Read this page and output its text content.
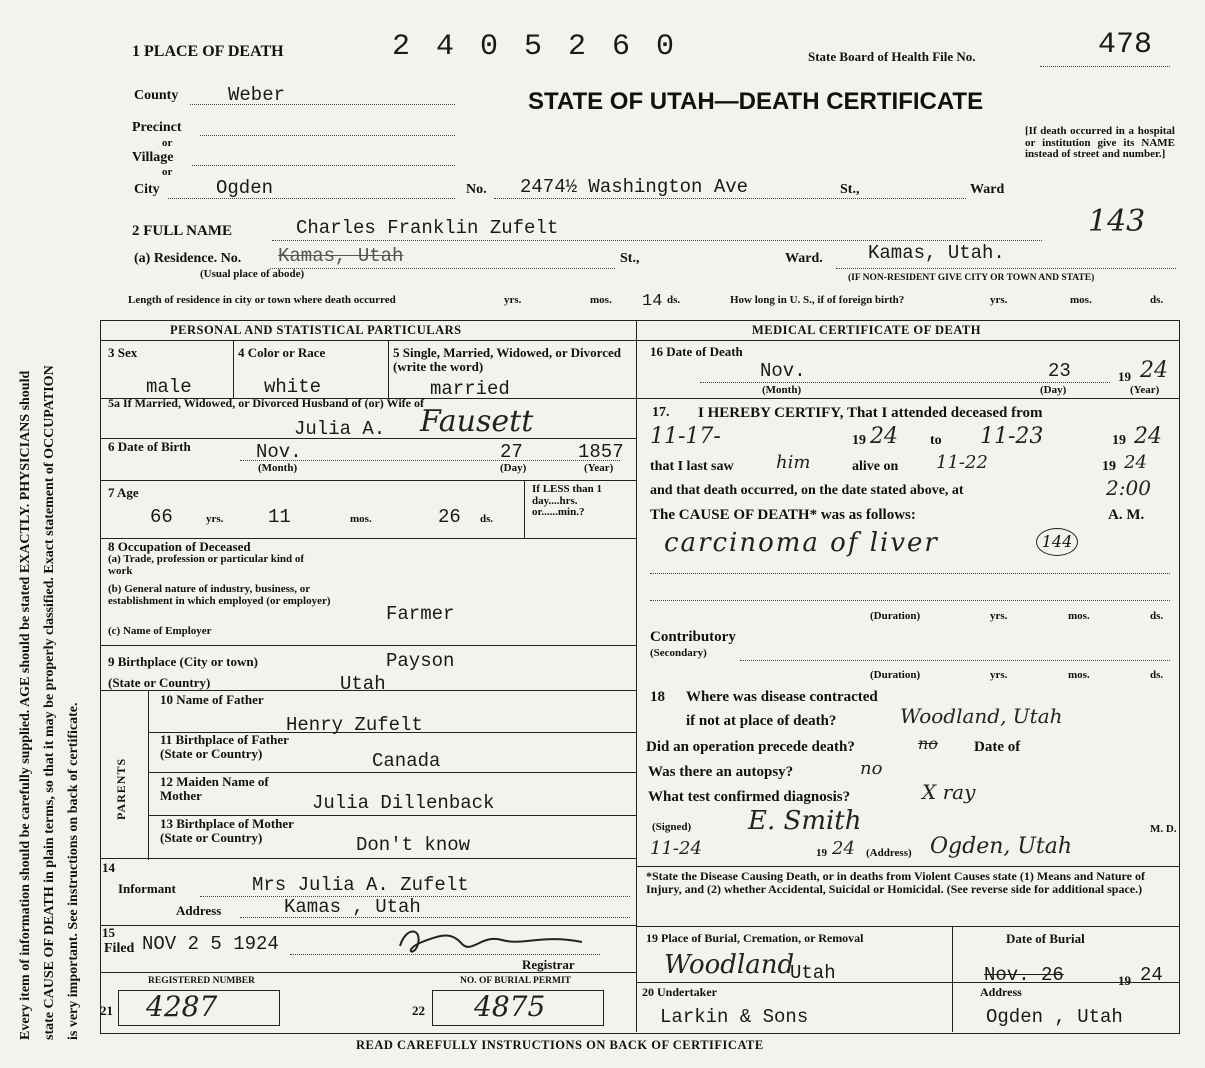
Every item of information should be carefully supplied. AGE should be stated EXACTLY. PHYSICIANS should state CAUSE OF DEATH in plain terms, so that it may be properly classified. Exact statement of OCCUPATION is very important. See instructions on back of certificate.
1 PLACE OF DEATH	2 4 0 5 2 6 0	State Board of Health File No.	478
STATE OF UTAH—DEATH CERTIFICATE
[If death occurred in a hospital or institution give its NAME instead of street and number.]
County	Weber
Precinct
or
Village
or
City	Ogden	No. 2474½ Washington Ave	St.,	Ward
143
2 FULL NAME	Charles Franklin Zufelt
(a) Residence. No. Kamas, Utah
(Usual place of abode)
St.,	Ward. Kamas, Utah.
(IF NON-RESIDENT GIVE CITY OR TOWN AND STATE)
Length of residence in city or town where death occurred	yrs.	mos. 14 ds.	How long in U. S., if of foreign birth?	yrs.	mos.	ds.
PERSONAL AND STATISTICAL PARTICULARS	MEDICAL CERTIFICATE OF DEATH
3 Sex
male
4 Color or Race
white
5 Single, Married, Widowed, or Divorced (write the word)
married
5a If Married, Widowed, or Divorced Husband of (or) Wife of
Julia A. Fausett
6 Date of Birth	Nov.	27	1857
(Month)	(Day)	(Year)
7 Age
66	yrs. 11	mos.	26 ds.
If LESS than 1 day....hrs. or......min.?
8 Occupation of Deceased
(a) Trade, profession or particular kind of work
(b) General nature of industry, business, or establishment in which employed (or employer)
Farmer
(c) Name of Employer
9 Birthplace (City or town)	Payson
(State or Country)	Utah
PARENTS
10 Name of Father
Henry Zufelt
11 Birthplace of Father (State or Country)	Canada
12 Maiden Name of Mother	Julia Dillenback
13 Birthplace of Mother (State or Country)	Don't know
14
Informant	Mrs Julia A. Zufelt
Address	Kamas , Utah
15
Filed NOV 2 5 1924
Registrar
REGISTERED NUMBER	NO. OF BURIAL PERMIT
21 4287	22 4875
16 Date of Death
Nov.	23	19 24
(Month)	(Day)	(Year)
17. I HEREBY CERTIFY, That I attended deceased from
11-17-	19 24 to 11-23	19 24
that I last saw him	alive on 11-22	19 24
and that death occurred, on the date stated above, at	2:00
The CAUSE OF DEATH* was as follows:	A. M.
carcinoma of liver	144
(Duration)	yrs.	mos.	ds.
Contributory
(Secondary)
(Duration)	yrs.	mos.	ds.
18 Where was disease contracted
if not at place of death?	Woodland, Utah
Did an operation precede death?	no Date of
Was there an autopsy?	no
What test confirmed diagnosis?	X ray
(Signed) E. Smith	M. D.
11-24	19 24 (Address) Ogden, Utah
*State the Disease Causing Death, or in deaths from Violent Causes state (1) Means and Nature of Injury, and (2) whether Accidental, Suicidal or Homicidal. (See reverse side for additional space.)
19 Place of Burial, Cremation, or Removal
Woodland
Utah
Date of Burial
Nov. 26	19 24
20 Undertaker
Larkin & Sons
Address
Ogden , Utah
READ CAREFULLY INSTRUCTIONS ON BACK OF CERTIFICATE
